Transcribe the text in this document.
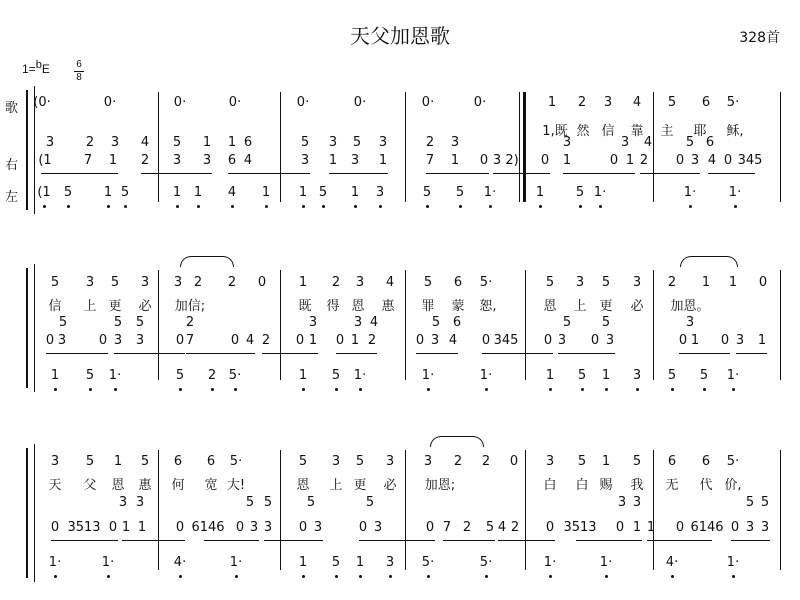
天父加恩歌	328首
1=bE	6
8
歌
右
左
(0·	0·	0·	0·	0·	0·	0·	0·	1 2 3 4 5 6 5·
1,既 然 信 靠 主 耶 稣,
3 2 3 4 5 1 1 6	5 3 5 3	2 3	3	3 4	5 6
(1 7 1 2 3 3 6 4	3 1 3 1	7 1 0 3 2) 0 1	0 1 2 0 3 4 0 345
(1 5 1 5	1 1 4 1 1 5 1 3	5 5 1·	1 5 1·	1·	1·
5 3 5 3 3 2 2 0	1 2 3 4 5 6 5·	5 3 5 3 2 1 1 0
信 上 更 必 加信;	既 得 恩 惠 罪 蒙 恕,	恩 上 更 必 加恩。
5	5 5	2	3	3 4	5 6	5 5	3
0 3	0 3 3 0 7	0 4 2 0 1 0 1 2	0 3 4 0 345 0 3 0 3	0 1 0 3 1
1 5 1·	5 2 5·	1 5 1·	1·	1·	1 5 1 3 5 5 1·
3 5 1 5 6 6 5·	5 3 5 3 3 2 2 0 3 5 1 5 6 6 5·
天 父 恩 惠 何 宽 大!	恩 上 更 必 加恩;	白 白 赐 我 无 代 价,
3 3	5 5	5	5	3 3	5 5
0 3513 0 1 1 0 6146 0 3 3 0 3	0 3	0 7 2 5 4 2 0 3513 0 1 1 0 6146 0 3 3
1·	1·	4·	1·	1 5 1 3 5·	5·	1·	1·	4·	1·
